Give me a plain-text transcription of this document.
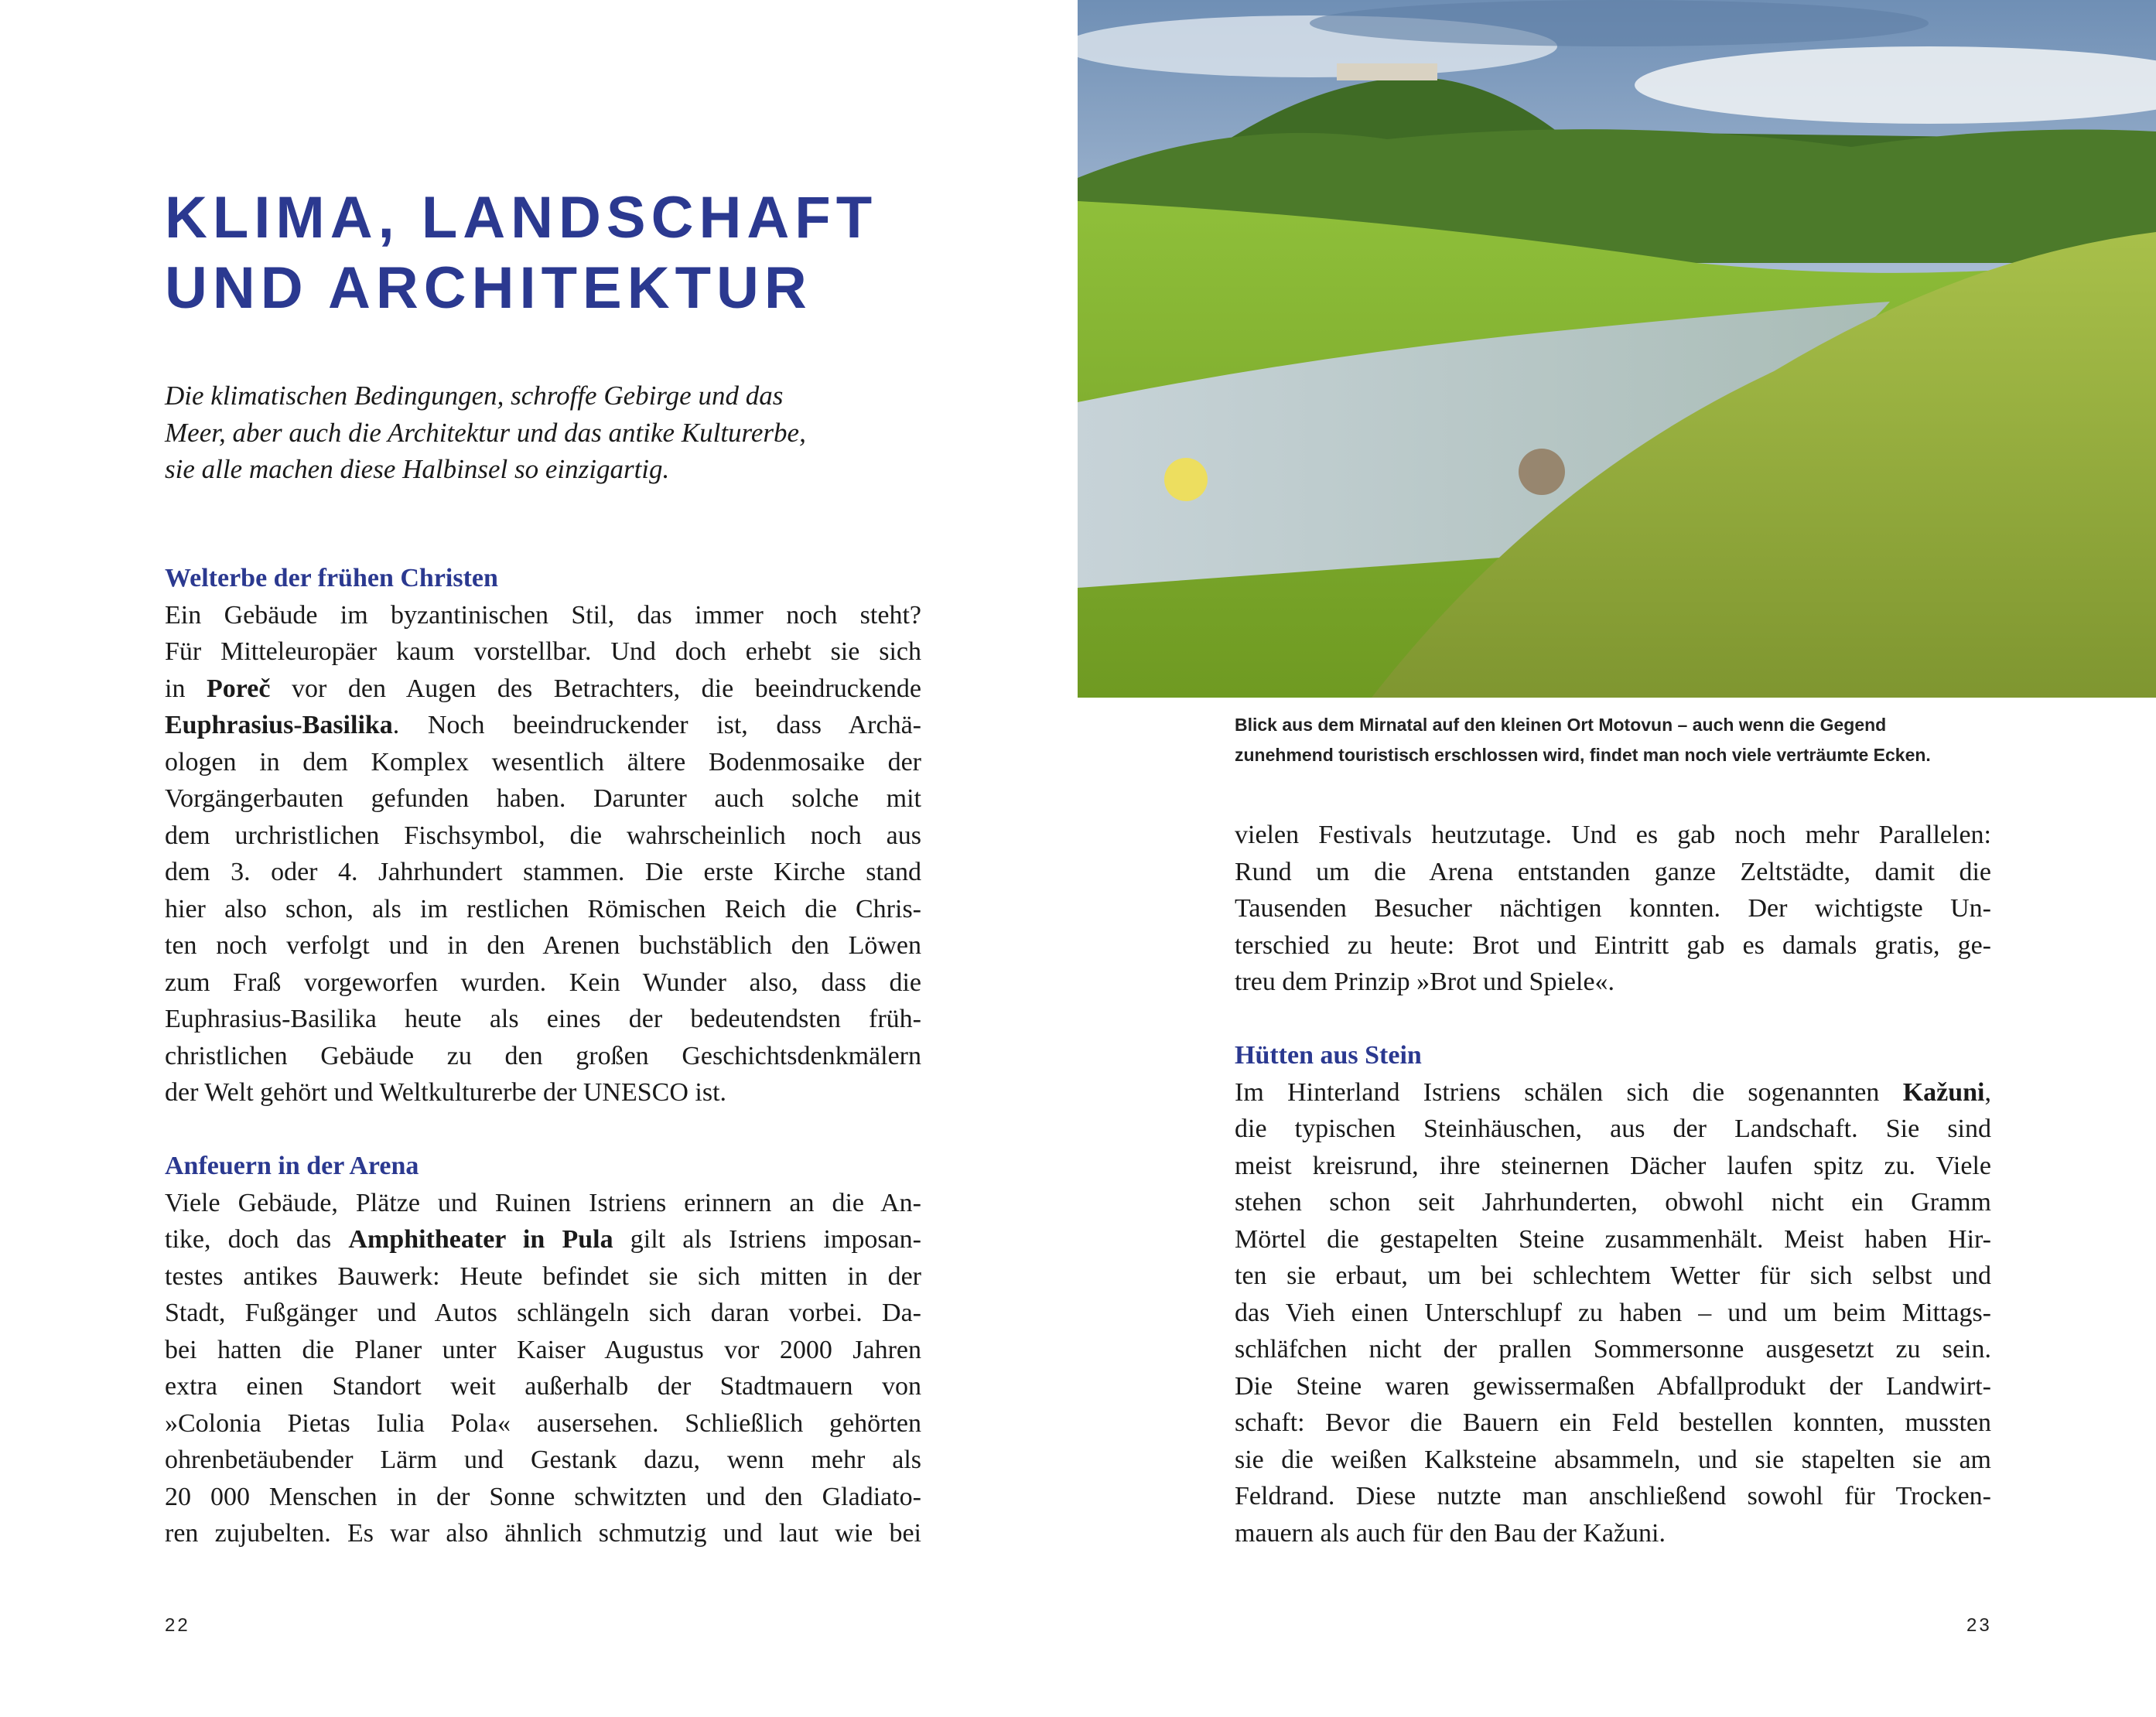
KLIMA, LANDSCHAFT
UND ARCHITEKTUR
Die klimatischen Bedingungen, schroffe Gebirge und das
Meer, aber auch die Architektur und das antike Kulturerbe,
sie alle machen diese Halbinsel so einzigartig.
Welterbe der frühen Christen
Ein Gebäude im byzantinischen Stil, das immer noch steht?
Für Mitteleuropäer kaum vorstellbar. Und doch erhebt sie sich
in Poreč vor den Augen des Betrachters, die beeindruckende
Euphrasius-Basilika. Noch beeindruckender ist, dass Archä-
ologen in dem Komplex wesentlich ältere Bodenmosaike der
Vorgängerbauten gefunden haben. Darunter auch solche mit
dem urchristlichen Fischsymbol, die wahrscheinlich noch aus
dem 3. oder 4. Jahrhundert stammen. Die erste Kirche stand
hier also schon, als im restlichen Römischen Reich die Chris-
ten noch verfolgt und in den Arenen buchstäblich den Löwen
zum Fraß vorgeworfen wurden. Kein Wunder also, dass die
Euphrasius-Basilika heute als eines der bedeutendsten früh-
christlichen Gebäude zu den großen Geschichtsdenkmälern
der Welt gehört und Weltkulturerbe der UNESCO ist.
Anfeuern in der Arena
Viele Gebäude, Plätze und Ruinen Istriens erinnern an die An-
tike, doch das Amphitheater in Pula gilt als Istriens imposan-
testes antikes Bauwerk: Heute befindet sie sich mitten in der
Stadt, Fußgänger und Autos schlängeln sich daran vorbei. Da-
bei hatten die Planer unter Kaiser Augustus vor 2000 Jahren
extra einen Standort weit außerhalb der Stadtmauern von
»Colonia Pietas Iulia Pola« ausersehen. Schließlich gehörten
ohrenbetäubender Lärm und Gestank dazu, wenn mehr als
20 000 Menschen in der Sonne schwitzten und den Gladiato-
ren zujubelten. Es war also ähnlich schmutzig und laut wie bei
vielen Festivals heutzutage. Und es gab noch mehr Parallelen:
Rund um die Arena entstanden ganze Zeltstädte, damit die
Tausenden Besucher nächtigen konnten. Der wichtigste Un-
terschied zu heute: Brot und Eintritt gab es damals gratis, ge-
treu dem Prinzip »Brot und Spiele«.
Hütten aus Stein
Im Hinterland Istriens schälen sich die sogenannten Kažuni,
die typischen Steinhäuschen, aus der Landschaft. Sie sind
meist kreisrund, ihre steinernen Dächer laufen spitz zu. Viele
stehen schon seit Jahrhunderten, obwohl nicht ein Gramm
Mörtel die gestapelten Steine zusammenhält. Meist haben Hir-
ten sie erbaut, um bei schlechtem Wetter für sich selbst und
das Vieh einen Unterschlupf zu haben – und um beim Mittags-
schläfchen nicht der prallen Sommersonne ausgesetzt zu sein.
Die Steine waren gewissermaßen Abfallprodukt der Landwirt-
schaft: Bevor die Bauern ein Feld bestellen konnten, mussten
sie die weißen Kalksteine absammeln, und sie stapelten sie am
Feldrand. Diese nutzte man anschließend sowohl für Trocken-
mauern als auch für den Bau der Kažuni.
Blick aus dem Mirnatal auf den kleinen Ort Motovun – auch wenn die Gegend
zunehmend touristisch erschlossen wird, findet man noch viele verträumte Ecken.
22	23
